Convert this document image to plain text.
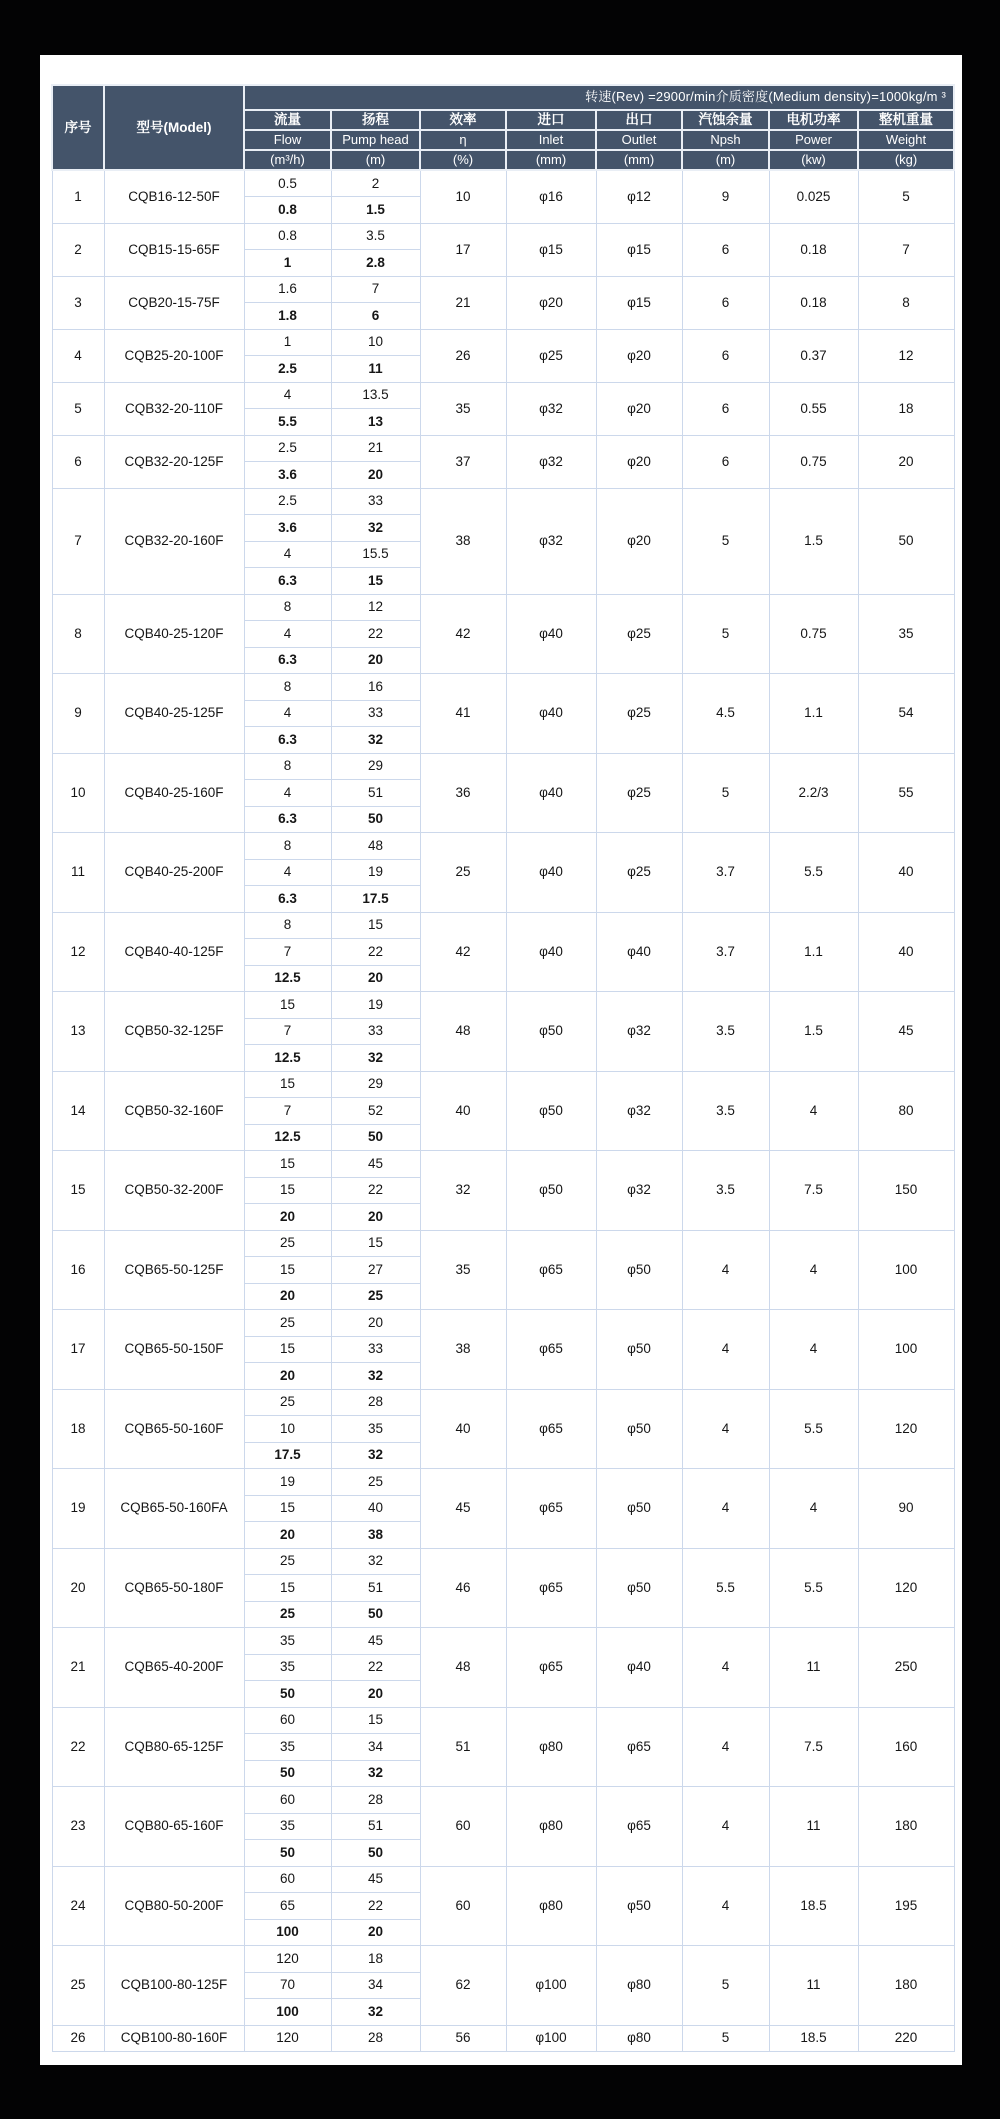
序号	型号(Model)	转速(Rev) =2900r/min介质密度(Medium density)=1000kg/m ³							
		流量	扬程	效率	进口	出口	汽蚀余量	电机功率	整机重量
		Flow	Pump head	η	Inlet	Outlet	Npsh	Power	Weight
		(m³/h)	(m)	(%)	(mm)	(mm)	(m)	(kw)	(kg)
1	CQB16-12-50F	0.5	2	10	φ16	φ12	9	0.025	5
		0.8	1.5						
2	CQB15-15-65F	0.8	3.5	17	φ15	φ15	6	0.18	7
		1	2.8						
3	CQB20-15-75F	1.6	7	21	φ20	φ15	6	0.18	8
		1.8	6						
4	CQB25-20-100F	1	10	26	φ25	φ20	6	0.37	12
		2.5	11						
5	CQB32-20-110F	4	13.5	35	φ32	φ20	6	0.55	18
		5.5	13						
6	CQB32-20-125F	2.5	21	37	φ32	φ20	6	0.75	20
		3.6	20						
7	CQB32-20-160F	2.5	33	38	φ32	φ20	5	1.5	50
		3.6	32						
		4	15.5						
		6.3	15						
8	CQB40-25-120F	8	12	42	φ40	φ25	5	0.75	35
		4	22						
		6.3	20						
9	CQB40-25-125F	8	16	41	φ40	φ25	4.5	1.1	54
		4	33						
		6.3	32						
10	CQB40-25-160F	8	29	36	φ40	φ25	5	2.2/3	55
		4	51						
		6.3	50						
11	CQB40-25-200F	8	48	25	φ40	φ25	3.7	5.5	40
		4	19						
		6.3	17.5						
12	CQB40-40-125F	8	15	42	φ40	φ40	3.7	1.1	40
		7	22						
		12.5	20						
13	CQB50-32-125F	15	19	48	φ50	φ32	3.5	1.5	45
		7	33						
		12.5	32						
14	CQB50-32-160F	15	29	40	φ50	φ32	3.5	4	80
		7	52						
		12.5	50						
15	CQB50-32-200F	15	45	32	φ50	φ32	3.5	7.5	150
		15	22						
		20	20						
16	CQB65-50-125F	25	15	35	φ65	φ50	4	4	100
		15	27						
		20	25						
17	CQB65-50-150F	25	20	38	φ65	φ50	4	4	100
		15	33						
		20	32						
18	CQB65-50-160F	25	28	40	φ65	φ50	4	5.5	120
		10	35						
		17.5	32						
19	CQB65-50-160FA	19	25	45	φ65	φ50	4	4	90
		15	40						
		20	38						
20	CQB65-50-180F	25	32	46	φ65	φ50	5.5	5.5	120
		15	51						
		25	50						
21	CQB65-40-200F	35	45	48	φ65	φ40	4	11	250
		35	22						
		50	20						
22	CQB80-65-125F	60	15	51	φ80	φ65	4	7.5	160
		35	34						
		50	32						
23	CQB80-65-160F	60	28	60	φ80	φ65	4	11	180
		35	51						
		50	50						
24	CQB80-50-200F	60	45	60	φ80	φ50	4	18.5	195
		65	22						
		100	20						
25	CQB100-80-125F	120	18	62	φ100	φ80	5	11	180
		70	34						
		100	32						
26	CQB100-80-160F	120	28	56	φ100	φ80	5	18.5	220
